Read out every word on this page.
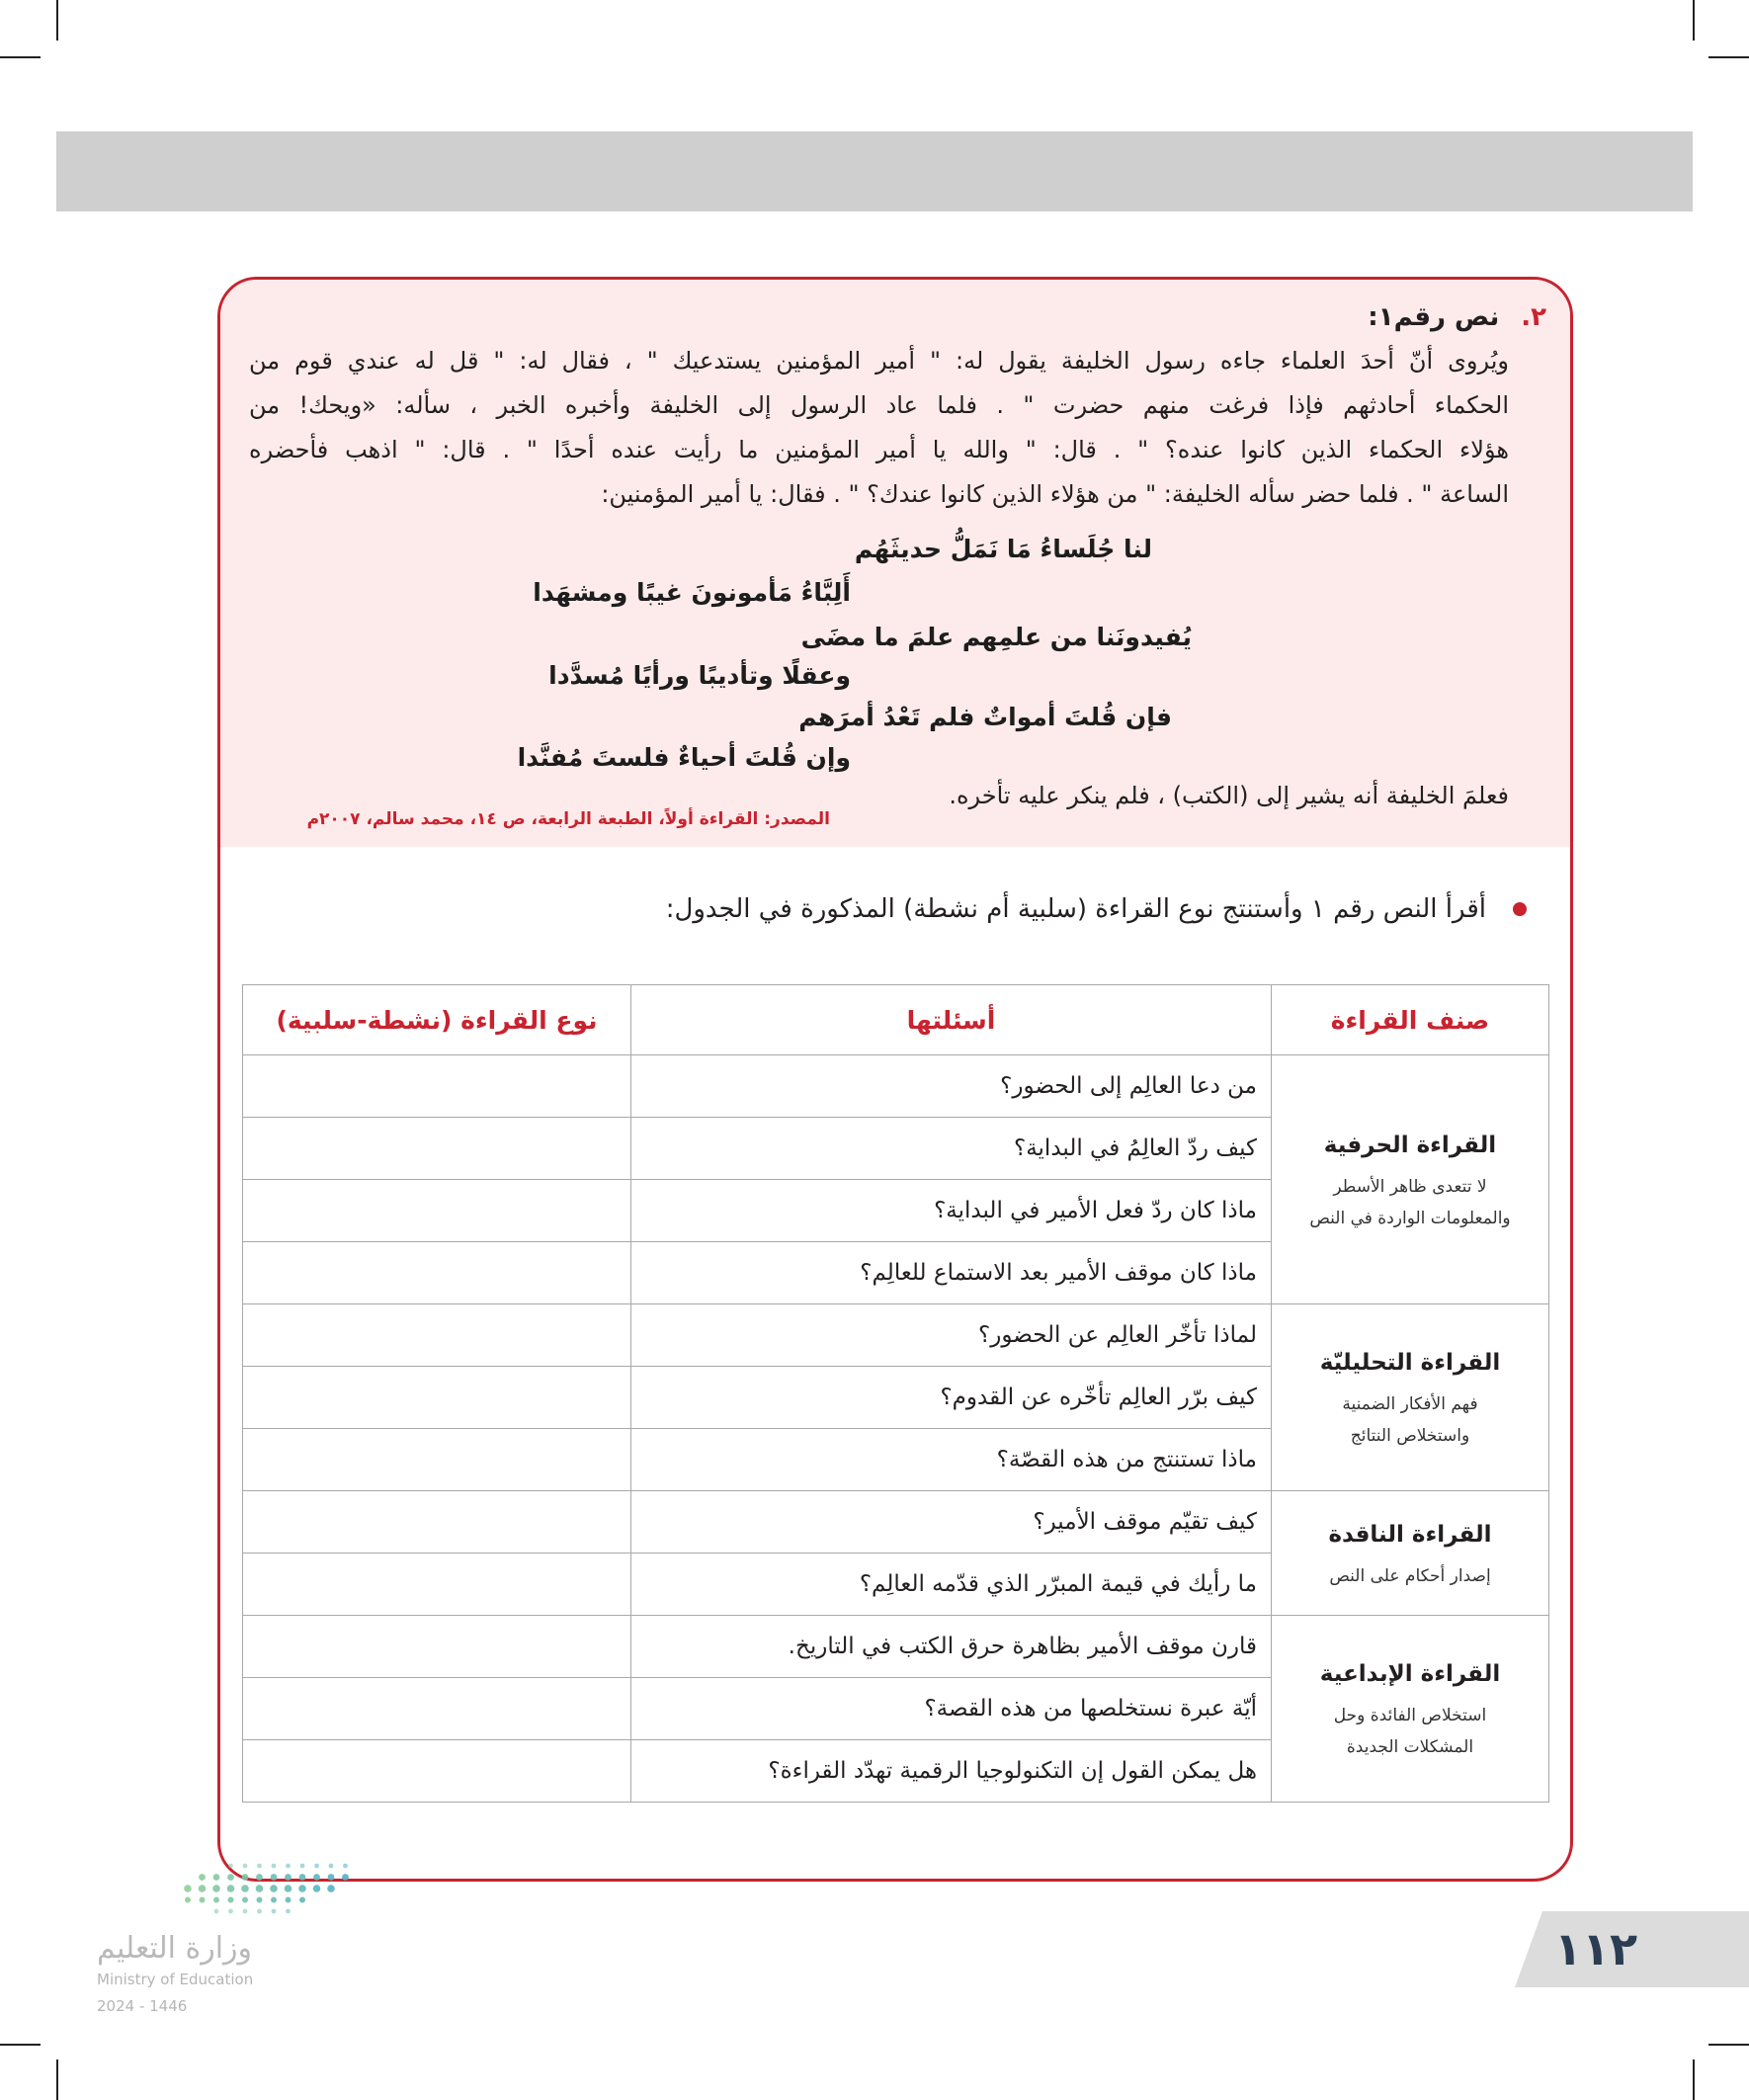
٢.
نص رقم١:
ويُروى أنّ أحدَ العلماء جاءه رسول الخليفة يقول له: " أمير المؤمنين يستدعيك " ، فقال له: " قل له عندي قوم من
الحكماء أحادثهم فإذا فرغت منهم حضرت " . فلما عاد الرسول إلى الخليفة وأخبره الخبر ، سأله: «ويحك! من
هؤلاء الحكماء الذين كانوا عنده؟ " . قال: " والله يا أمير المؤمنين ما رأيت عنده أحدًا " . قال: " اذهب فأحضره
الساعة " . فلما حضر سأله الخليفة: " من هؤلاء الذين كانوا عندك؟ " . فقال: يا أمير المؤمنين:
لنا جُلَساءُ مَا نَمَلُّ حديثَهُم
أَلِبَّاءُ مَأمونونَ غيبًا ومشهَدا
يُفيدونَنا من علمِهم علمَ ما مضَى
وعقلًا وتأديبًا ورأيًا مُسدَّدا
فإن قُلتَ أمواتٌ فلم تَعْدُ أمرَهم
وإن قُلتَ أحياءٌ فلستَ مُفنَّدا
فعلمَ الخليفة أنه يشير إلى (الكتب) ، فلم ينكر عليه تأخره.
المصدر: القراءة أولاً، الطبعة الرابعة، ص ١٤، محمد سالم، ٢٠٠٧م
أقرأ النص رقم ١ وأستنتج نوع القراءة (سلبية أم نشطة) المذكورة في الجدول:
صنف القراءة	أسئلتها	نوع القراءة (نشطة-سلبية)

القراءة الحرفية
لا تتعدى ظاهر الأسطر
والمعلومات الواردة في النص	من دعا العالِم إلى الحضور؟	
	كيف ردّ العالِمُ في البداية؟	
	ماذا كان ردّ فعل الأمير في البداية؟	
	ماذا كان موقف الأمير بعد الاستماع للعالِم؟	

القراءة التحليليّة
فهم الأفكار الضمنية
واستخلاص النتائج	لماذا تأخّر العالِم عن الحضور؟	
	كيف برّر العالِم تأخّره عن القدوم؟	
	ماذا تستنتج من هذه القصّة؟	

القراءة الناقدة
إصدار أحكام على النص	كيف تقيّم موقف الأمير؟	
	ما رأيك في قيمة المبرّر الذي قدّمه العالِم؟	

القراءة الإبداعية
استخلاص الفائدة وحل
المشكلات الجديدة	قارن موقف الأمير بظاهرة حرق الكتب في التاريخ.	
	أيّة عبرة نستخلصها من هذه القصة؟	
	هل يمكن القول إن التكنولوجيا الرقمية تهدّد القراءة؟	
وزارة التعليم
Ministry of Education
2024 - 1446
١١٢
